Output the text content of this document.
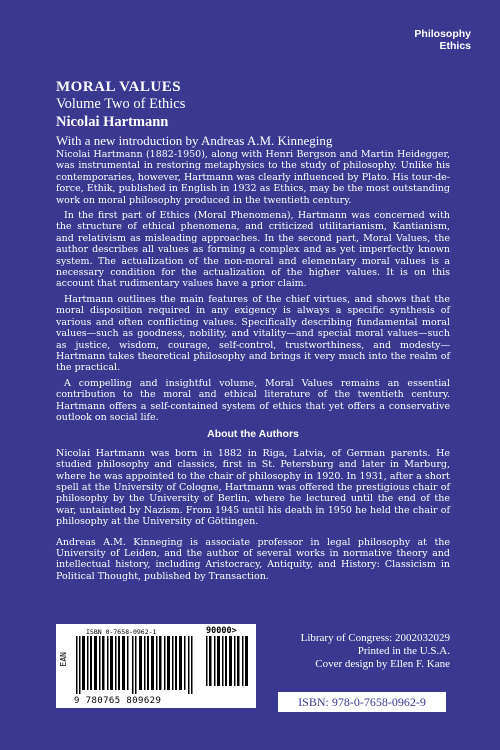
Philosophy
Ethics
MORAL VALUES
Volume Two of Ethics
Nicolai Hartmann
With a new introduction by Andreas A.M. Kinneging

Nicolai Hartmann (1882-1950), along with Henri Bergson and Martin Heidegger, was instrumental in restoring metaphysics to the study of philosophy. Unlike his contemporaries, however, Hartmann was clearly influenced by Plato. His tour-de-force, Ethik, published in English in 1932 as Ethics, may be the most outstanding work on moral philosophy produced in the twentieth century.

In the first part of Ethics (Moral Phenomena), Hartmann was concerned with the structure of ethical phenomena, and criticized utilitarianism, Kantianism, and relativism as misleading approaches. In the second part, Moral Values, the author describes all values as forming a complex and as yet imperfectly known system. The actualization of the non-moral and elementary moral values is a necessary condition for the actualization of the higher values. It is on this account that rudimentary values have a prior claim.

Hartmann outlines the main features of the chief virtues, and shows that the moral disposition required in any exigency is always a specific synthesis of various and often conflicting values. Specifically describing fundamental moral values—such as goodness, nobility, and vitality—and special moral values—such as justice, wisdom, courage, self-control, trustworthiness, and modesty—Hartmann takes theoretical philosophy and brings it very much into the realm of the practical.

A compelling and insightful volume, Moral Values remains an essential contribution to the moral and ethical literature of the twentieth century. Hartmann offers a self-contained system of ethics that yet offers a conservative outlook on social life.

About the Authors

Nicolai Hartmann was born in 1882 in Riga, Latvia, of German parents. He studied philosophy and classics, first in St. Petersburg and later in Marburg, where he was appointed to the chair of philosophy in 1920. In 1931, after a short spell at the University of Cologne, Hartmann was offered the prestigious chair of philosophy by the University of Berlin, where he lectured until the end of the war, untainted by Nazism. From 1945 until his death in 1950 he held the chair of philosophy at the University of Göttingen.

Andreas A.M. Kinneging is associate professor in legal philosophy at the University of Leiden, and the author of several works in normative theory and intellectual history, including Aristocracy, Antiquity, and History: Classicism in Political Thought, published by Transaction.

ISBN 0-7658-0962-1
EAN
90000>
9 780765 809629
Library of Congress: 2002032029
Printed in the U.S.A.
Cover design by Ellen F. Kane
ISBN: 978-0-7658-0962-9
